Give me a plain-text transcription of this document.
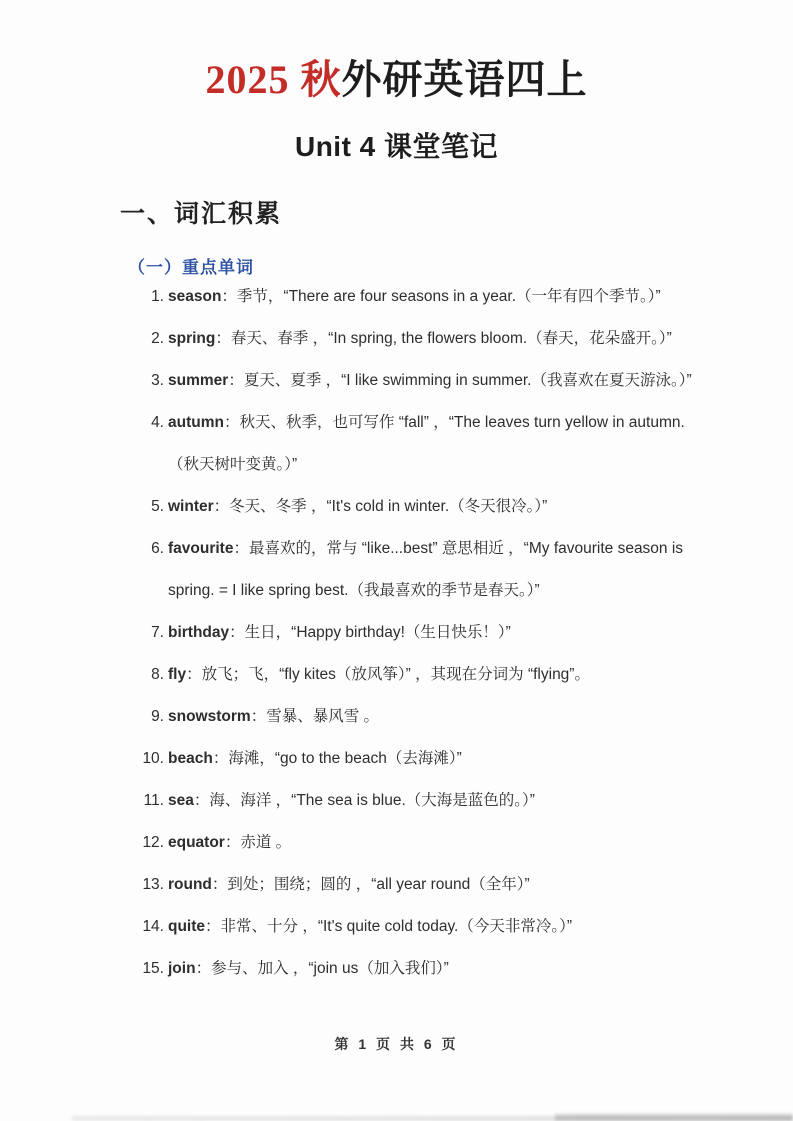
2025 秋外研英语四上
Unit 4 课堂笔记
一、词汇积累
（一）重点单词
1. season：季节，“There are four seasons in a year.（一年有四个季节。）”
2. spring：春天、春季 ，“In spring, the flowers bloom.（春天，花朵盛开。）”
3. summer：夏天、夏季 ，“I like swimming in summer.（我喜欢在夏天游泳。）”
4. autumn：秋天、秋季，也可写作 “fall” ，“The leaves turn yellow in autumn.（秋天树叶变黄。）”
5. winter：冬天、冬季 ，“It's cold in winter.（冬天很冷。）”
6. favourite：最喜欢的，常与 “like...best” 意思相近 ，“My favourite season is spring. = I like spring best.（我最喜欢的季节是春天。）”
7. birthday：生日，“Happy birthday!（生日快乐！）”
8. fly：放飞；飞，“fly kites（放风筝）” ，其现在分词为 “flying”。
9. snowstorm：雪暴、暴风雪 。
10. beach：海滩，“go to the beach（去海滩）”
11. sea：海、海洋 ，“The sea is blue.（大海是蓝色的。）”
12. equator：赤道 。
13. round：到处；围绕；圆的 ，“all year round（全年）”
14. quite：非常、十分 ，“It's quite cold today.（今天非常冷。）”
15. join：参与、加入 ，“join us（加入我们）”
第 1 页 共 6 页
